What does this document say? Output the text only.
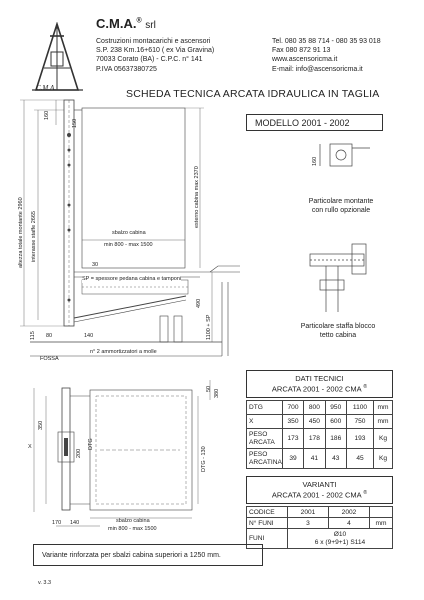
C.M.A.
C.M.A.® srl
Costruzioni montacarichi e ascensori
S.P. 238 Km.16+610 ( ex Via Gravina)
70033 Corato (BA) - C.P.C. n° 141
P.IVA 05637380725
Tel. 080 35 88 714 - 080 35 93 018
Fax 080 872 91 13
www.ascensoricma.it
E-mail: info@ascensoricma.it
SCHEDA TECNICA ARCATA IDRAULICA IN TAGLIA
MODELLO 2001 - 2002
160
150
altezza totale montante 2960 interasse staffe 2665
esterno cabina max 2370
sbalzo cabina
min 800 - max 1500
30
SP = spessore pedana cabina e tamponi
115 80	140
490
1100 + SP
FOSSA
n° 2 ammortizzatori a molle
160
Particolare montante
con rullo opzionale
Particolare staffa blocco
tetto cabina
X
350
200
DTG
DTG - 130
50 380
sbalzo cabina
min 800 - max 1500
170 140
DATI TECNICI
ARCATA 2001 - 2002 CMA ®
DTG	700	800	950	1100	mm
X	350	450	600	750	mm
PESO ARCATA	173	178	186	193	Kg
PESO ARCATINA	39	41	43	45	Kg
VARIANTI
ARCATA 2001 - 2002 CMA ®
CODICE	2001	2002	
N° FUNI	3	4	mm
FUNI	Ø10
6 x (9+9+1) S114		
Variante rinforzata per sbalzi cabina superiori a 1250 mm.
v. 3.3
